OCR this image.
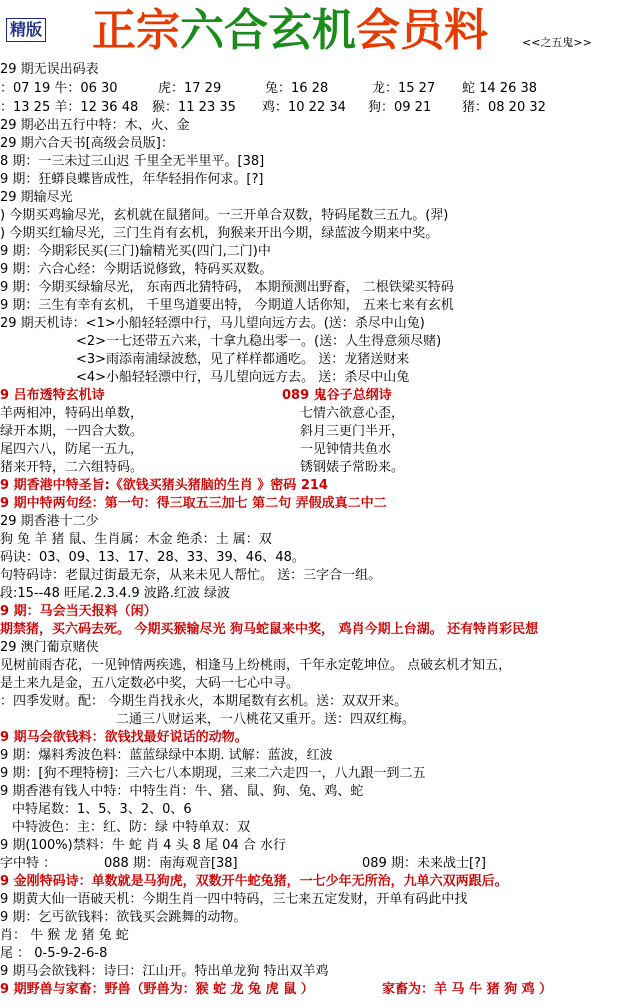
精版 正宗六合玄机会员料	<<之五鬼>>
29 期无误出码表
：07 19 牛：06 30	虎：17 29	兔：16 28	龙：15 27 蛇 14 26 38
：13 25 羊：12 36 48 猴：11 23 35 鸡：10 22 34 狗：09 21 猪：08 20 32
29 期必出五行中特：木、火、金
29 期六合天书[高级会员版]：
8 期：一三未过三山迟 千里全无半里平。[38]
9 期：狂蟒良蝶皆成性，年华轻捐作何求。[?]
29 期输尽光
) 今期买鸡输尽光，玄机就在鼠猪间。一三开单合双数，特码尾数三五九。(羿)
) 今期买红输尽光，三门生肖有玄机，狗猴来开出今期，绿蓝波今期来中奖。
9 期：今期彩民买(三门)输精光买(四门,二门)中
9 期：六合心经：今期话说修致，特码买双数。
9 期：今期买绿输尽光， 东南西北猜特码， 本期预测出野畜， 二根铁梁买特码
9 期：三生有幸有玄机， 千里鸟道要出特， 今期道人话你知， 五来七来有玄机
29 期天机诗：<1>小船轻轻漂中行，马儿望向远方去。(送：杀尽中山兔)
<2>一七还带五六来，十拿九稳出零一。(送：人生得意须尽赌)
<3>雨添南浦绿波愁，见了样样都通吃。 送：龙猪送财来
<4>小船轻轻漂中行，马儿望向远方去。 送：杀尽中山兔
9 吕布透特玄机诗	089 鬼谷子总纲诗
羊两相冲，特码出单数，	七情六欲意心歪，
绿开本期，一四合大数。	斜月三更门半开，
尾四六八，防尾一五九，	一见钟情共鱼水
猪来开特，二六组特码。	锈钢婊子常盼来。
9 期香港中特圣旨:《欲钱买猪头猪脑的生肖 》密码 214
9 期中特两句经：第一句：得三取五三加七 第二句 弄假成真二中二
29 期香港十二少
狗 兔 羊 猪 鼠、生肖属：木金 绝杀：土 属：双
码诀：03、09、13、17、28、33、39、46、48。
句特码诗：老鼠过街最无奈，从来未见人帮忙。 送：三字合一组。
段:15--48 旺尾.2.3.4.9 波路.红波 绿波
9 期：马会当天报料（闲）
期禁猪，买六码去死。 今期买猴输尽光 狗马蛇鼠来中奖， 鸡肖今期上台湖。 还有特肖彩民想
29 澳门葡京赌侠
见树前雨杏花，一见钟情两疾逃，相逢马上纷桃雨，千年永定乾坤位。 点破玄机才知五，
是土来九是金，五八定数必中奖，大码一七心中寻。
：四季发财。配： 今期生肖找永火，本期尾数有玄机。送：双双开来。
二通三八财运来，一八桃花又重开。送：四双红梅。
9 期马会欲钱料：欲钱找最好说话的动物。
9 期：爆料秀波色料：蓝蓝绿绿中本期. 试解：蓝波，红波
9 期：[狗不理特榜]：三六七八本期现，三来二六走四一，八九跟一到二五
9 期香港有钱人中特：中特生肖：牛、猪、鼠、狗、兔、鸡、蛇
中特尾数：1、5、3、2、0、6
中特波色：主：红、防：绿 中特单双：双
9 期(100%)禁料：牛 蛇 肖 4 头 8 尾 04 合 水行
字中特 ：	088 期：南海观音[38]	089 期：未来战士[?]
9 金刚特码诗：单数就是马狗虎，双数开牛蛇兔猪，一七少年无所治，九单六双两跟后。
9 期黄大仙一语破天机：今期生肖一四中特码，三七来五定发财，开单有码此中找
9 期：乞丐欲钱料：欲钱买会跳舞的动物。
肖： 牛 猴 龙 猪 兔 蛇
尾 ： 0-5-9-2-6-8
9 期马会欲钱料：诗曰：江山开。特出单龙狗 特出双羊鸡
9 期野兽与家畜：野兽（野兽为：猴 蛇 龙 兔 虎 鼠 ）	家畜为：羊 马 牛 猪 狗 鸡 ）
